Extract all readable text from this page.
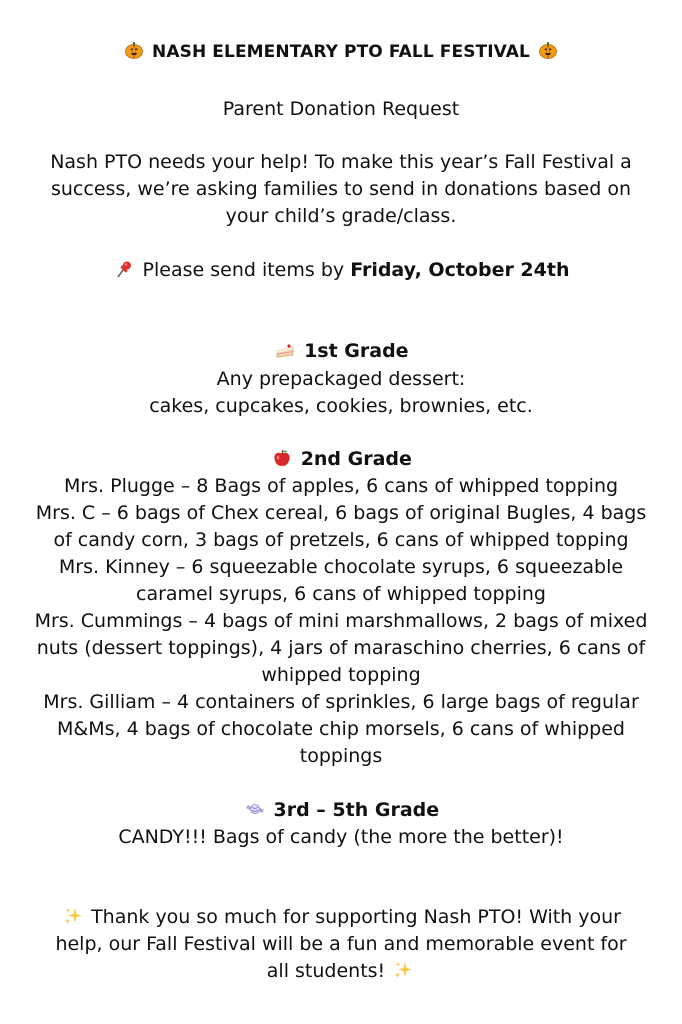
NASH ELEMENTARY PTO FALL FESTIVAL
Parent Donation Request
Nash PTO needs your help! To make this year’s Fall Festival a
success, we’re asking families to send in donations based on
your child’s grade/class.
Please send items by Friday, October 24th
1st Grade
Any prepackaged dessert:
cakes, cupcakes, cookies, brownies, etc.
2nd Grade
Mrs. Plugge – 8 Bags of apples, 6 cans of whipped topping
Mrs. C – 6 bags of Chex cereal, 6 bags of original Bugles, 4 bags
of candy corn, 3 bags of pretzels, 6 cans of whipped topping
Mrs. Kinney – 6 squeezable chocolate syrups, 6 squeezable
caramel syrups, 6 cans of whipped topping
Mrs. Cummings – 4 bags of mini marshmallows, 2 bags of mixed
nuts (dessert toppings), 4 jars of maraschino cherries, 6 cans of
whipped topping
Mrs. Gilliam – 4 containers of sprinkles, 6 large bags of regular
M&Ms, 4 bags of chocolate chip morsels, 6 cans of whipped
toppings
3rd – 5th Grade
CANDY!!! Bags of candy (the more the better)!
Thank you so much for supporting Nash PTO! With your
help, our Fall Festival will be a fun and memorable event for
all students!
